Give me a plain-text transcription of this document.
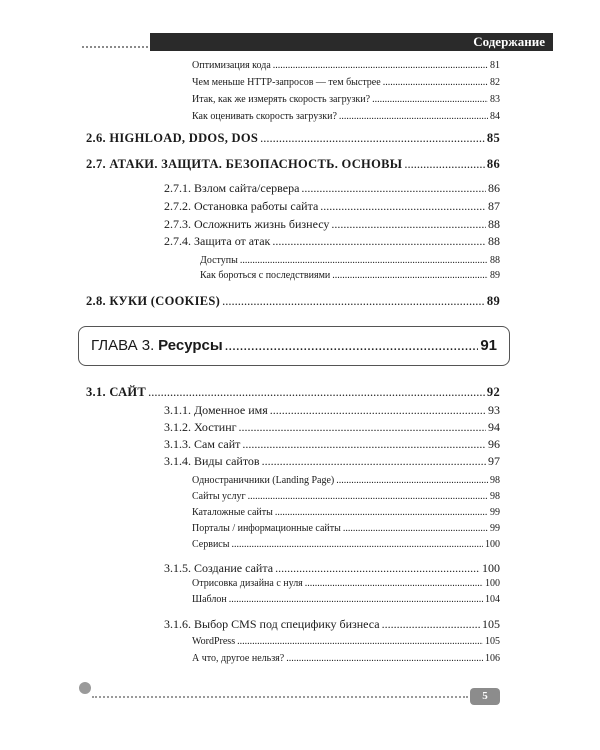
Содержание
Оптимизация кода .....	81
Чем меньше HTTP-запросов — тем быстрее .....	82
Итак, как же измерять скорость загрузки? .....	83
Как оценивать скорость загрузки? .....	84
2.6. HIGHLOAD, DDOS, DOS .....	85
2.7. АТАКИ. ЗАЩИТА. БЕЗОПАСНОСТЬ. ОСНОВЫ .....	86
2.7.1. Взлом сайта/сервера .....	86
2.7.2. Остановка работы сайта .....	87
2.7.3. Осложнить жизнь бизнесу .....	88
2.7.4. Защита от атак .....	88
Доступы .....	88
Как бороться с последствиями .....	89
2.8. КУКИ (COOKIES) .....	89
ГЛАВА 3. Ресурсы .....	91
3.1. САЙТ .....	92
3.1.1. Доменное имя .....	93
3.1.2. Хостинг .....	94
3.1.3. Сам сайт .....	96
3.1.4. Виды сайтов .....	97
Одностраничники (Landing Page) .....	98
Сайты услуг .....	98
Каталожные сайты .....	99
Порталы / информационные сайты .....	99
Сервисы .....	100
3.1.5. Создание сайта .....	100
Отрисовка дизайна с нуля .....	100
Шаблон .....	104
3.1.6. Выбор CMS под специфику бизнеса .....	105
WordPress .....	105
А что, другое нельзя? .....	106
5
